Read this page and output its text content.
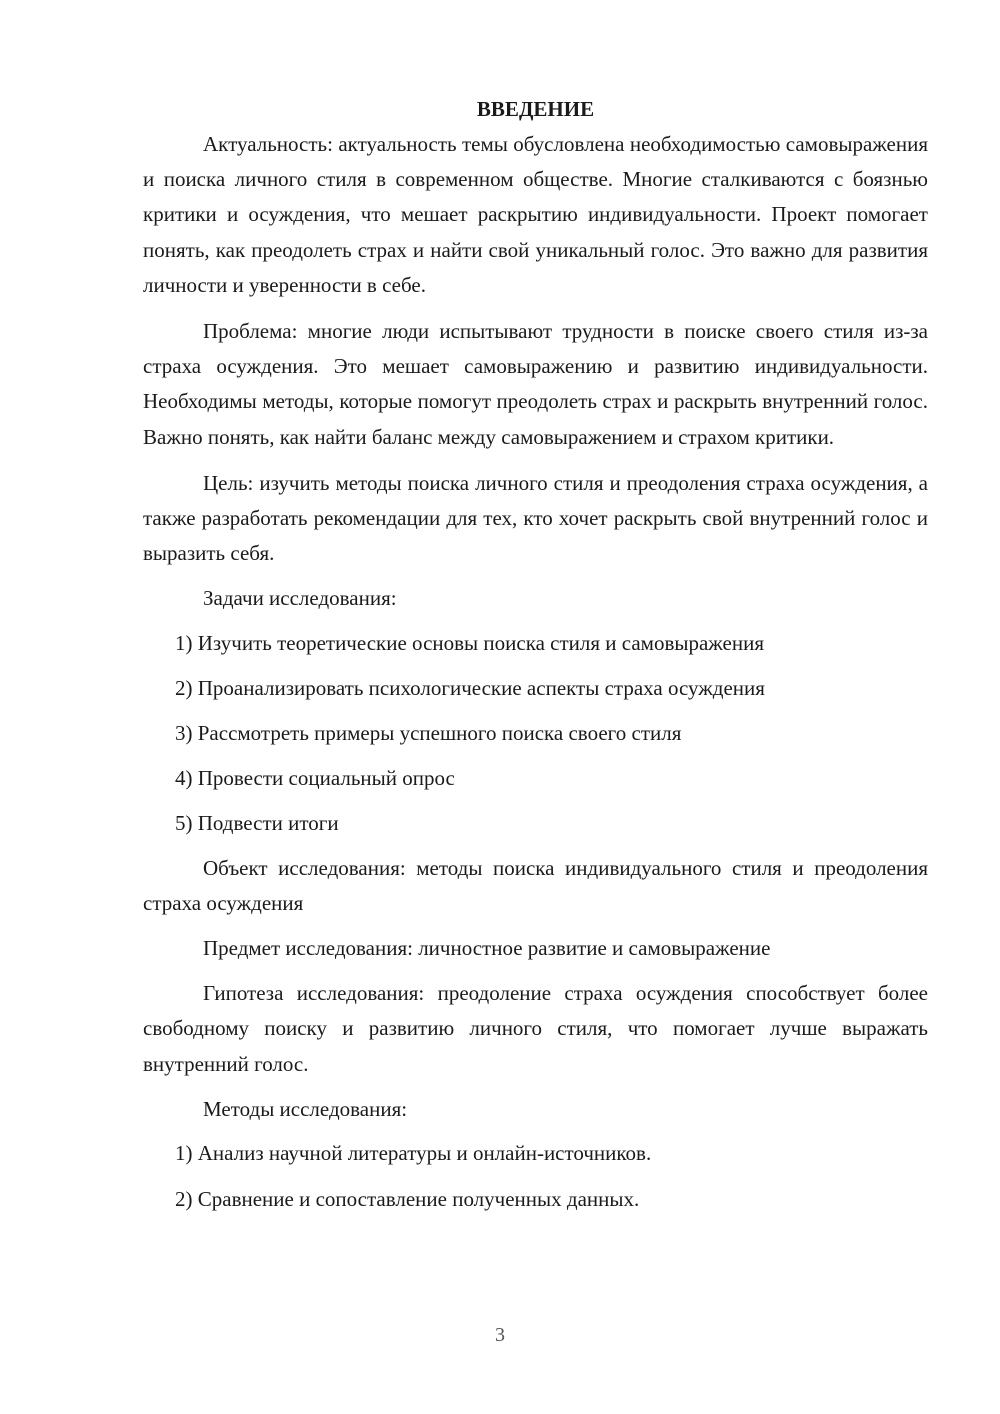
ВВЕДЕНИЕ

Актуальность: актуальность темы обусловлена необходимостью самовыражения и поиска личного стиля в современном обществе. Многие сталкиваются с боязнью критики и осуждения, что мешает раскрытию индивидуальности. Проект помогает понять, как преодолеть страх и найти свой уникальный голос. Это важно для развития личности и уверенности в себе.

Проблема: многие люди испытывают трудности в поиске своего стиля из-за страха осуждения. Это мешает самовыражению и развитию индивидуальности. Необходимы методы, которые помогут преодолеть страх и раскрыть внутренний голос. Важно понять, как найти баланс между самовыражением и страхом критики.

Цель: изучить методы поиска личного стиля и преодоления страха осуждения, а также разработать рекомендации для тех, кто хочет раскрыть свой внутренний голос и выразить себя.

Задачи исследования:

1) Изучить теоретические основы поиска стиля и самовыражения
2) Проанализировать психологические аспекты страха осуждения
3) Рассмотреть примеры успешного поиска своего стиля
4) Провести социальный опрос
5) Подвести итоги

Объект исследования: методы поиска индивидуального стиля и преодоления страха осуждения

Предмет исследования: личностное развитие и самовыражение

Гипотеза исследования: преодоление страха осуждения способствует более свободному поиску и развитию личного стиля, что помогает лучше выражать внутренний голос.

Методы исследования:

1) Анализ научной литературы и онлайн-источников.
2) Сравнение и сопоставление полученных данных.
3
